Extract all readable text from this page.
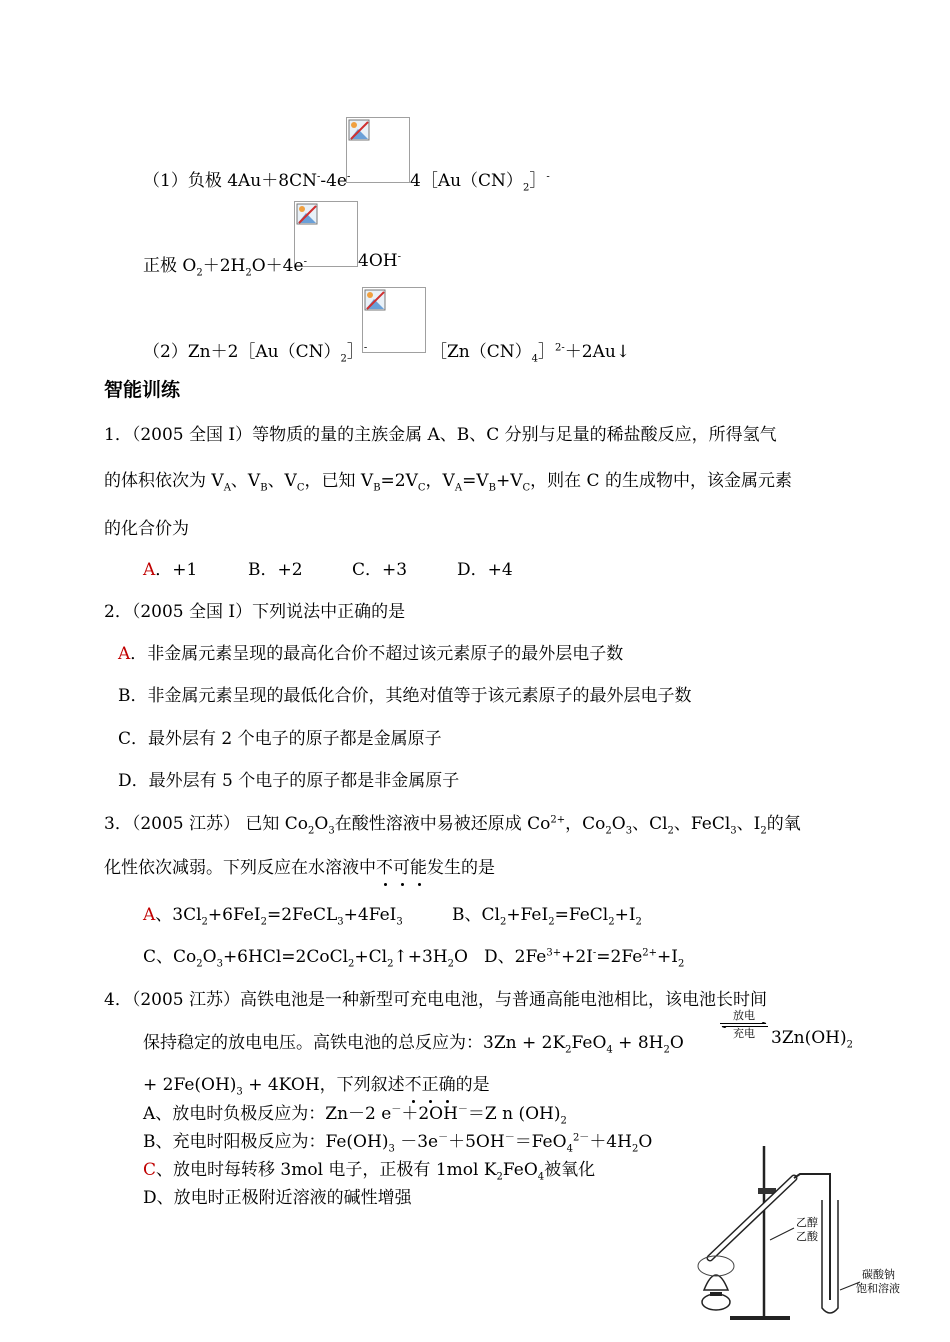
（1）负极 4Au＋8CN--4e-	$4[Au(CN)_2]^-$
正极 $O_2+2H_2O+4e^-$	4OH-
$(2)Zn+2[Au(CN)_2]^-$	$[Zn(CN)_4]^{2-}+2Au↓$
智能训练
1．（2005 全国 I）等物质的量的主族金属 A、B、C 分别与足量的稀盐酸反应，所得氢气
的体积依次为 $V_A$、$V_B$、$V_C$，已知 $V_B=2V_C$，$V_A=V_B+V_C$，则在 C 的生成物中，该金属元素
的化合价为
A．+1	B．+2	C．+3	D．+4
2．（2005 全国 I）下列说法中正确的是
A．非金属元素呈现的最高化合价不超过该元素原子的最外层电子数
B．非金属元素呈现的最低化合价，其绝对值等于该元素原子的最外层电子数
C．最外层有 2 个电子的原子都是金属原子
D．最外层有 5 个电子的原子都是非金属原子
3．（2005 江苏） 已知 $Co_2O_3$在酸性溶液中易被还原成 $Co^{2+}$，$Co_2O_3$、$Cl_2$、FeCl$_3$、$I_2$的氧
化性依次减弱。下列反应在水溶液中不可能发生的是
A、$3Cl_2+6FeI_2=2FeCL_3+4FeI_3$	B、$Cl_2+FeI_2=FeCl_2+I_2$
C、$Co_2O_3+6HCl=2CoCl_2+Cl_2↑+3H_2O$ D、$2Fe^{3+}+2I^-=2Fe^{2+}+I_2$
4．（2005 江苏）高铁电池是一种新型可充电电池，与普通高能电池相比，该电池长时间
保持稳定的放电电压。高铁电池的总反应为：$3Zn + 2K_2FeO_4 + 8H_2O$
放电
充电 $3Zn(OH)_2$
+ $2Fe(OH)_3 + 4KOH$，下列叙述不正确的是
A、放电时负极反应为：Zn－2 e－＋2OH－＝Z n $(OH)_2$
B、充电时阳极反应为：$Fe(OH)_3 -3e^-+5OH^-=FeO_4^{2-}+4H_2O$
C、放电时每转移 3mol 电子，正极有 1mol $K_2FeO_4$被氧化
D、放电时正极附近溶液的碱性增强
乙醇
乙酸
碳酸钠
饱和溶液
